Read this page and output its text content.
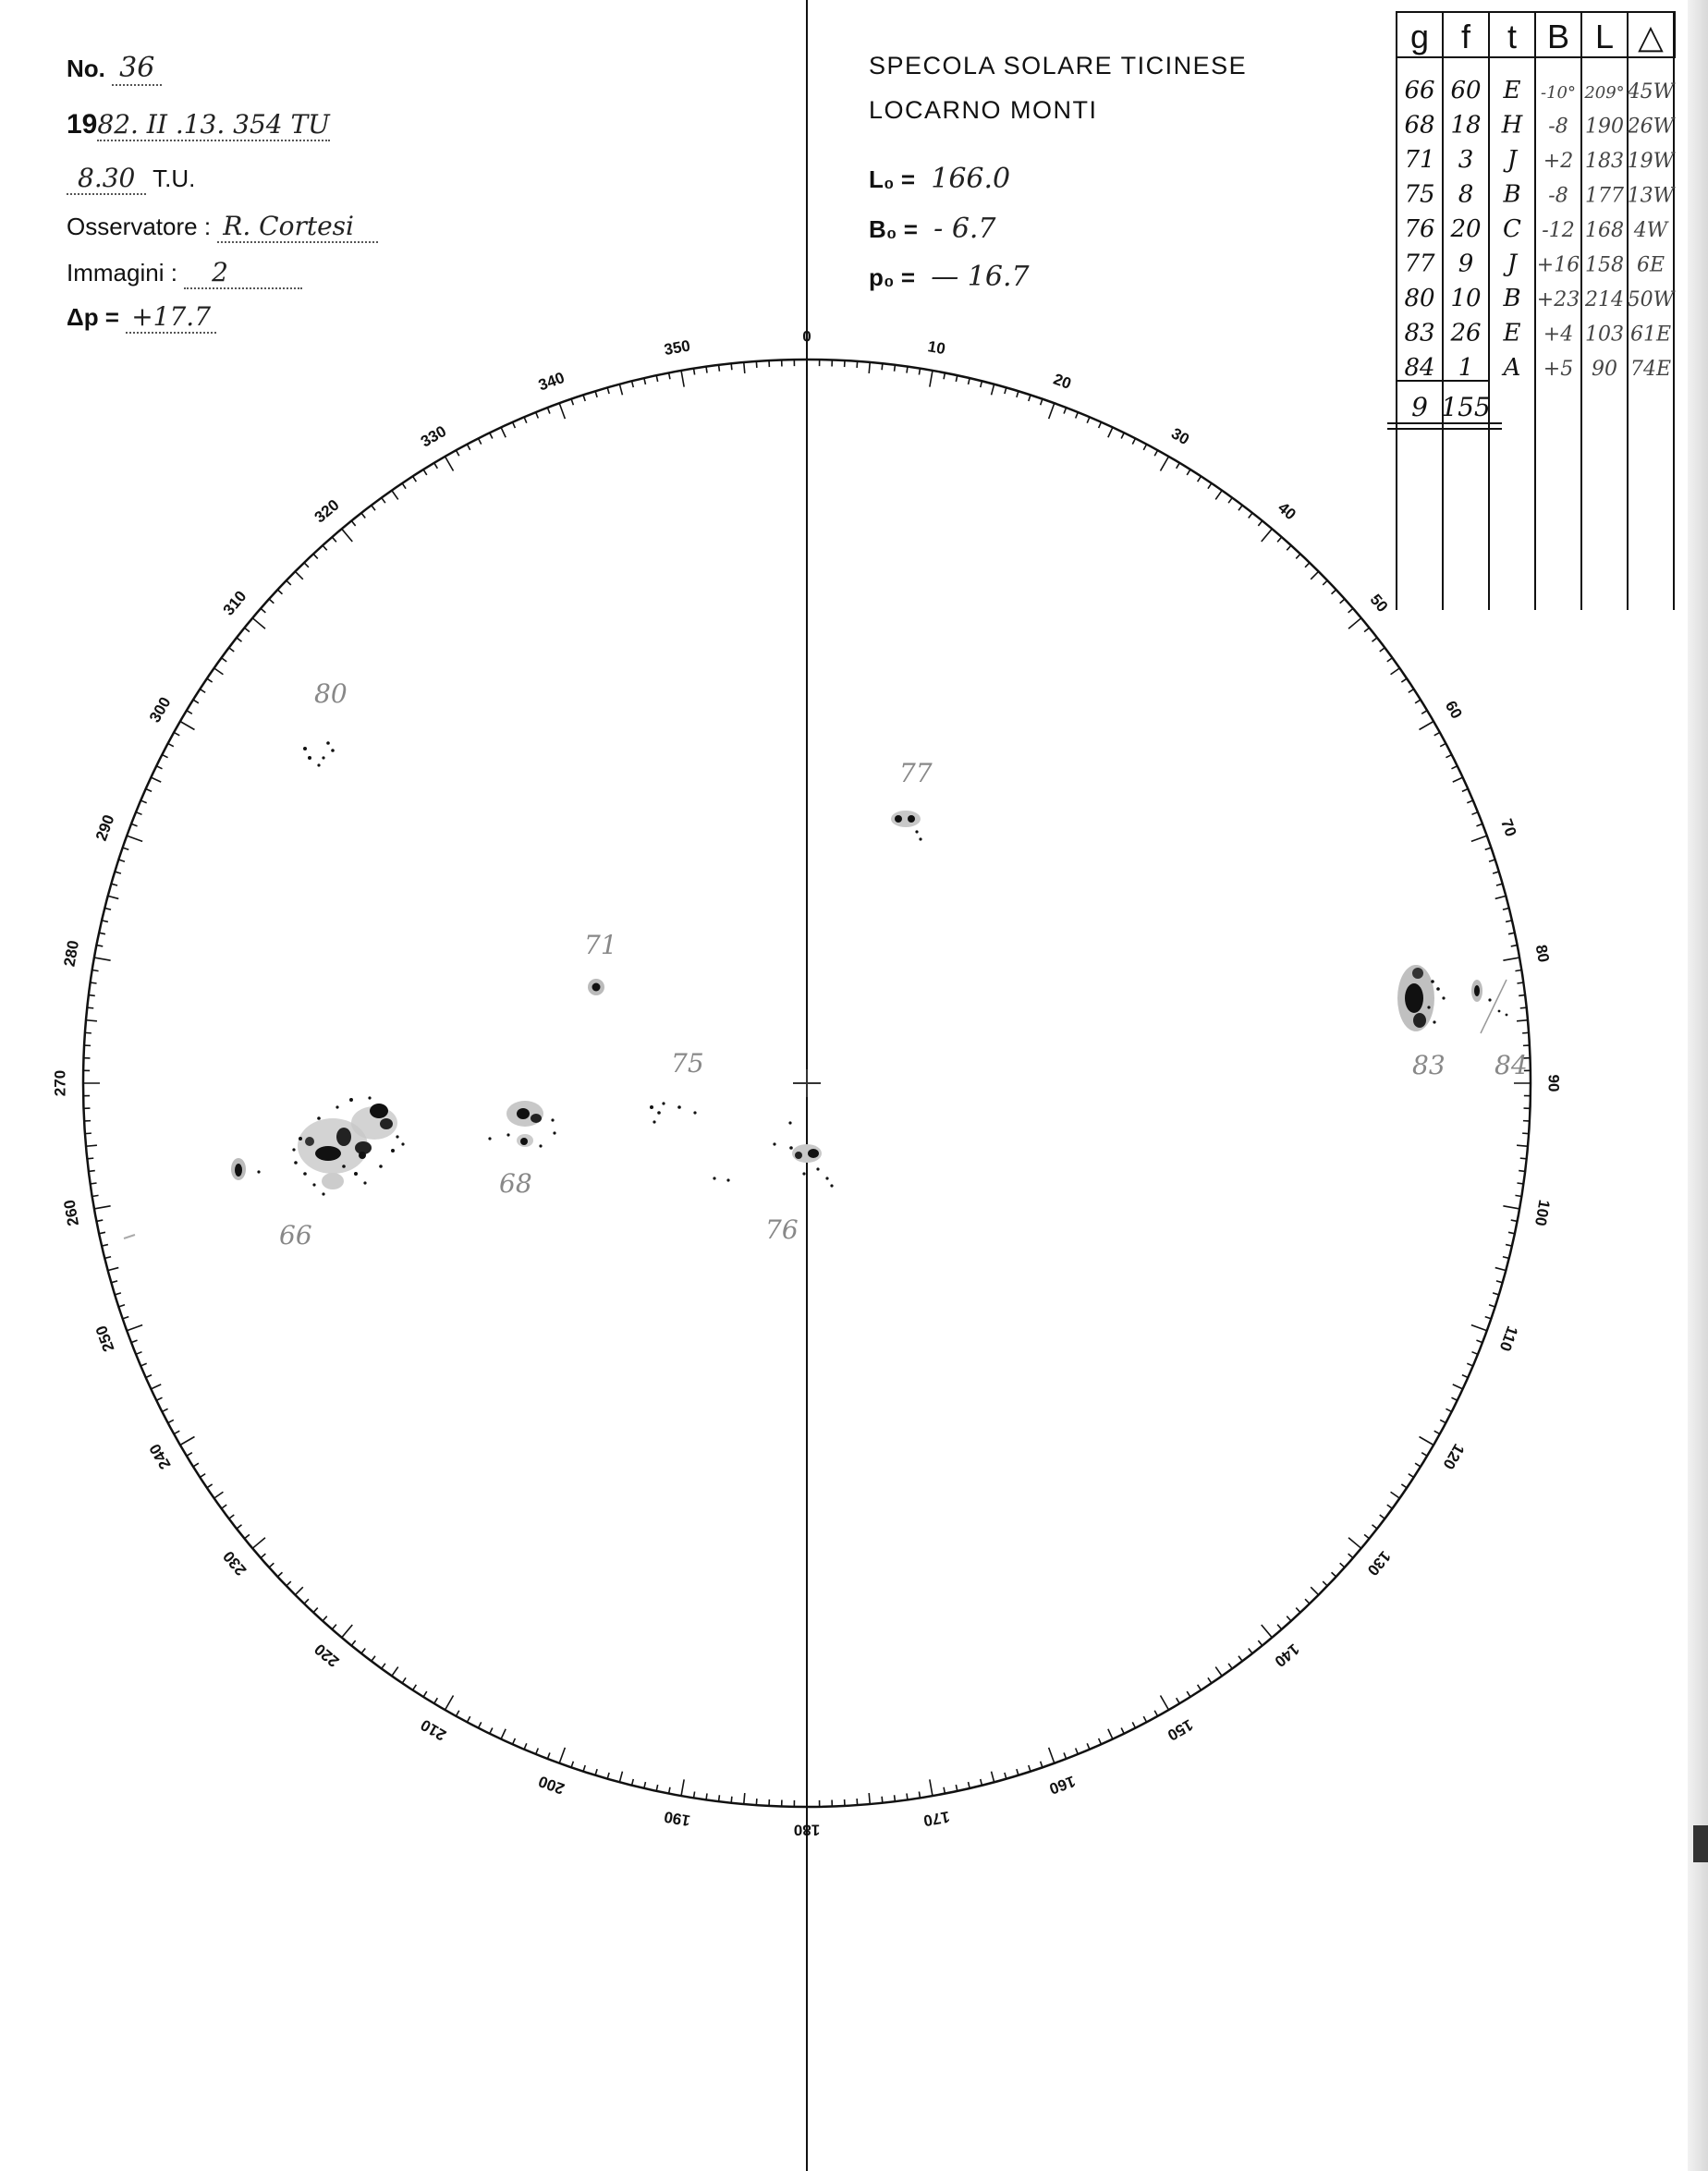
0
10
20
30
40
50
60
70
80
90
100
110
120
130
140
150
160
170
180
190
200
210
220
230
240
250
260
270
280
290
300
310
320
330
340
350
66
68
71
75
76
77
80
83 84
g f t B L △
66 60 E -10° 209° 45W
68 18 H -8 190 26W
71 3 J +2 183 19W
75 8 B -8 177 13W
76 20 C -12 168 4W
77 9 J +16 158 6E
80 10 B +23 214 50W
83 26 E +4 103 61E
84 1 A +5 90 74E
9 155
No. 36
1982. II .13. 354 TU
8.30 T.U.
Osservatore : R. Cortesi
Immagini : 2
Δp = +17.7
SPECOLA SOLARE TICINESE
LOCARNO MONTI
L₀ = 166.0
B₀ = - 6.7
p₀ = — 16.7
